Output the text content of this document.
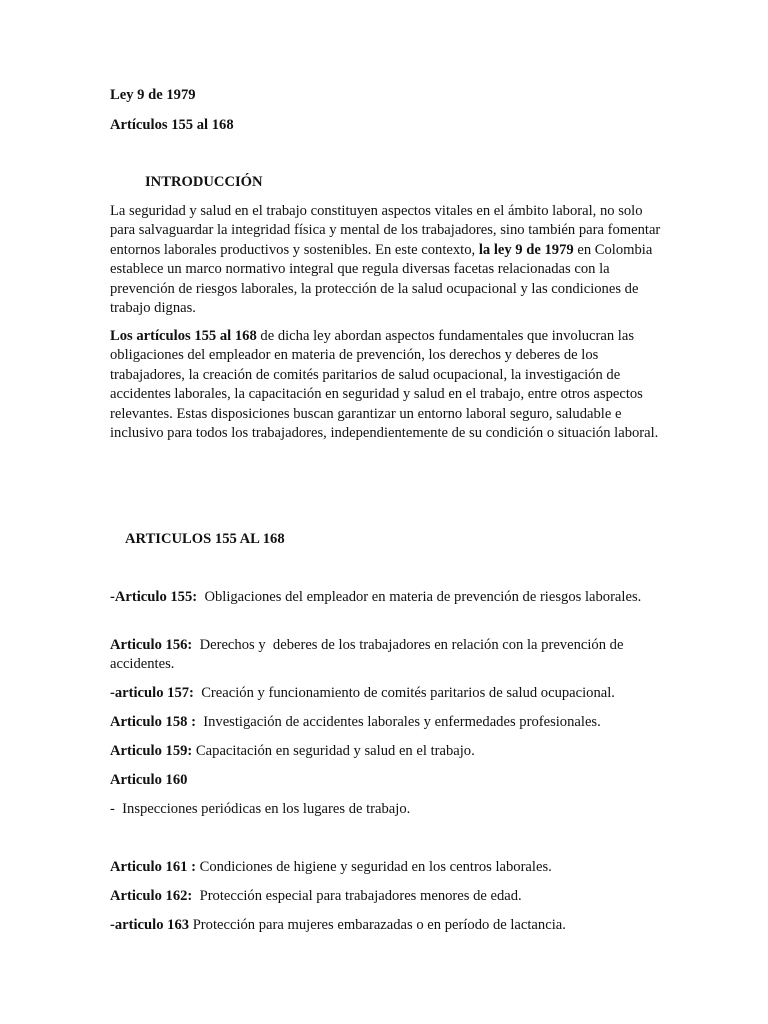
Ley 9 de 1979

Artículos 155 al 168

INTRODUCCIÓN

La seguridad y salud en el trabajo constituyen aspectos vitales en el ámbito laboral, no solo para salvaguardar la integridad física y mental de los trabajadores, sino también para fomentar entornos laborales productivos y sostenibles. En este contexto, la ley 9 de 1979 en Colombia establece un marco normativo integral que regula diversas facetas relacionadas con la prevención de riesgos laborales, la protección de la salud ocupacional y las condiciones de trabajo dignas.

Los artículos 155 al 168 de dicha ley abordan aspectos fundamentales que involucran las obligaciones del empleador en materia de prevención, los derechos y deberes de los trabajadores, la creación de comités paritarios de salud ocupacional, la investigación de accidentes laborales, la capacitación en seguridad y salud en el trabajo, entre otros aspectos relevantes. Estas disposiciones buscan garantizar un entorno laboral seguro, saludable e inclusivo para todos los trabajadores, independientemente de su condición o situación laboral.

ARTICULOS 155 AL 168

-Articulo 155:  Obligaciones del empleador en materia de prevención de riesgos laborales.

Articulo 156:  Derechos y  deberes de los trabajadores en relación con la prevención de accidentes.

-articulo 157:  Creación y funcionamiento de comités paritarios de salud ocupacional.

Articulo 158 :  Investigación de accidentes laborales y enfermedades profesionales.

Articulo 159: Capacitación en seguridad y salud en el trabajo.

Articulo 160

-  Inspecciones periódicas en los lugares de trabajo.

Articulo 161 : Condiciones de higiene y seguridad en los centros laborales.

Articulo 162:  Protección especial para trabajadores menores de edad.

-articulo 163 Protección para mujeres embarazadas o en período de lactancia.
